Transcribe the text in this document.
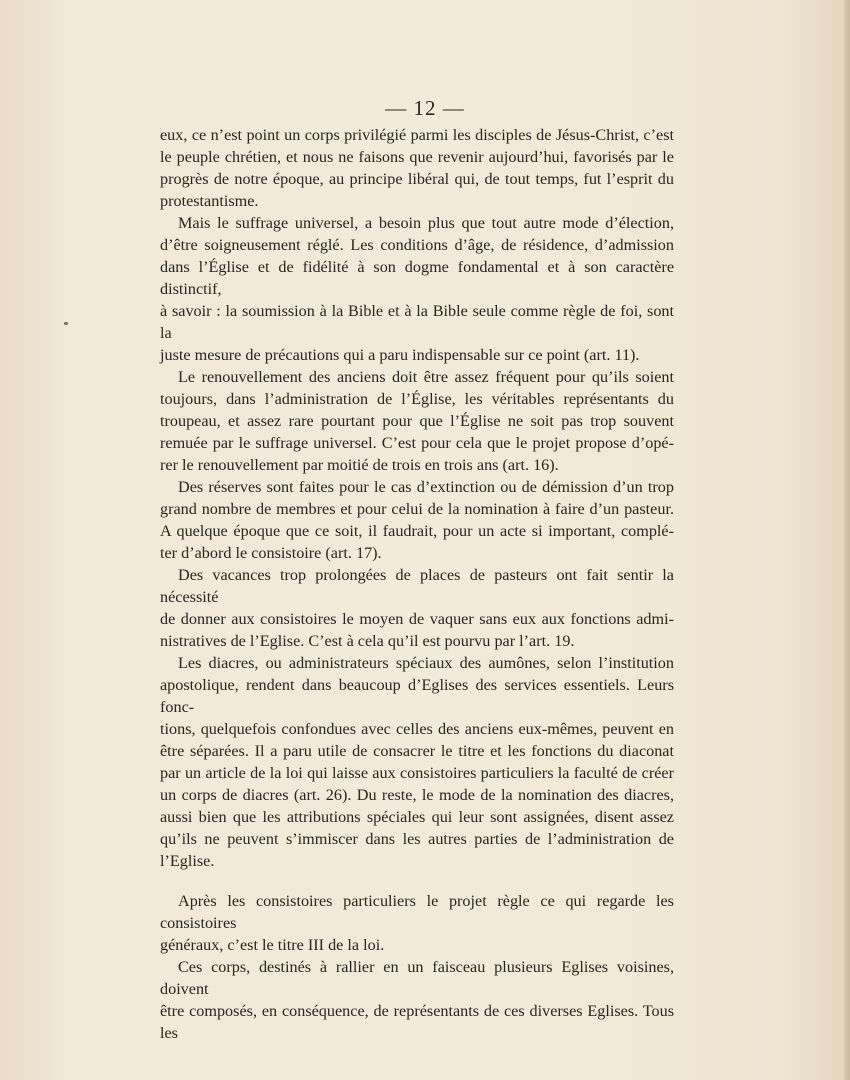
— 12 —

eux, ce n’est point un corps privilégié parmi les disciples de Jésus-Christ, c’est

le peuple chrétien, et nous ne faisons que revenir aujourd’hui, favorisés par le

progrès de notre époque, au principe libéral qui, de tout temps, fut l’esprit du

protestantisme.

Mais le suffrage universel, a besoin plus que tout autre mode d’élection,

d’être soigneusement réglé. Les conditions d’âge, de résidence, d’admission

dans l’Église et de fidélité à son dogme fondamental et à son caractère distinctif,

à savoir : la soumission à la Bible et à la Bible seule comme règle de foi, sont la

juste mesure de précautions qui a paru indispensable sur ce point (art. 11).

Le renouvellement des anciens doit être assez fréquent pour qu’ils soient

toujours, dans l’administration de l’Église, les véritables représentants du

troupeau, et assez rare pourtant pour que l’Église ne soit pas trop souvent

remuée par le suffrage universel. C’est pour cela que le projet propose d’opé-

rer le renouvellement par moitié de trois en trois ans (art. 16).

Des réserves sont faites pour le cas d’extinction ou de démission d’un trop

grand nombre de membres et pour celui de la nomination à faire d’un pasteur.

A quelque époque que ce soit, il faudrait, pour un acte si important, complé-

ter d’abord le consistoire (art. 17).

Des vacances trop prolongées de places de pasteurs ont fait sentir la nécessité

de donner aux consistoires le moyen de vaquer sans eux aux fonctions admi-

nistratives de l’Eglise. C’est à cela qu’il est pourvu par l’art. 19.

Les diacres, ou administrateurs spéciaux des aumônes, selon l’institution

apostolique, rendent dans beaucoup d’Eglises des services essentiels. Leurs fonc-

tions, quelquefois confondues avec celles des anciens eux-mêmes, peuvent en

être séparées. Il a paru utile de consacrer le titre et les fonctions du diaconat

par un article de la loi qui laisse aux consistoires particuliers la faculté de créer

un corps de diacres (art. 26). Du reste, le mode de la nomination des diacres,

aussi bien que les attributions spéciales qui leur sont assignées, disent assez

qu’ils ne peuvent s’immiscer dans les autres parties de l’administration de

l’Eglise.

Après les consistoires particuliers le projet règle ce qui regarde les consistoires

généraux, c’est le titre III de la loi.

Ces corps, destinés à rallier en un faisceau plusieurs Eglises voisines, doivent

être composés, en conséquence, de représentants de ces diverses Eglises. Tous les
